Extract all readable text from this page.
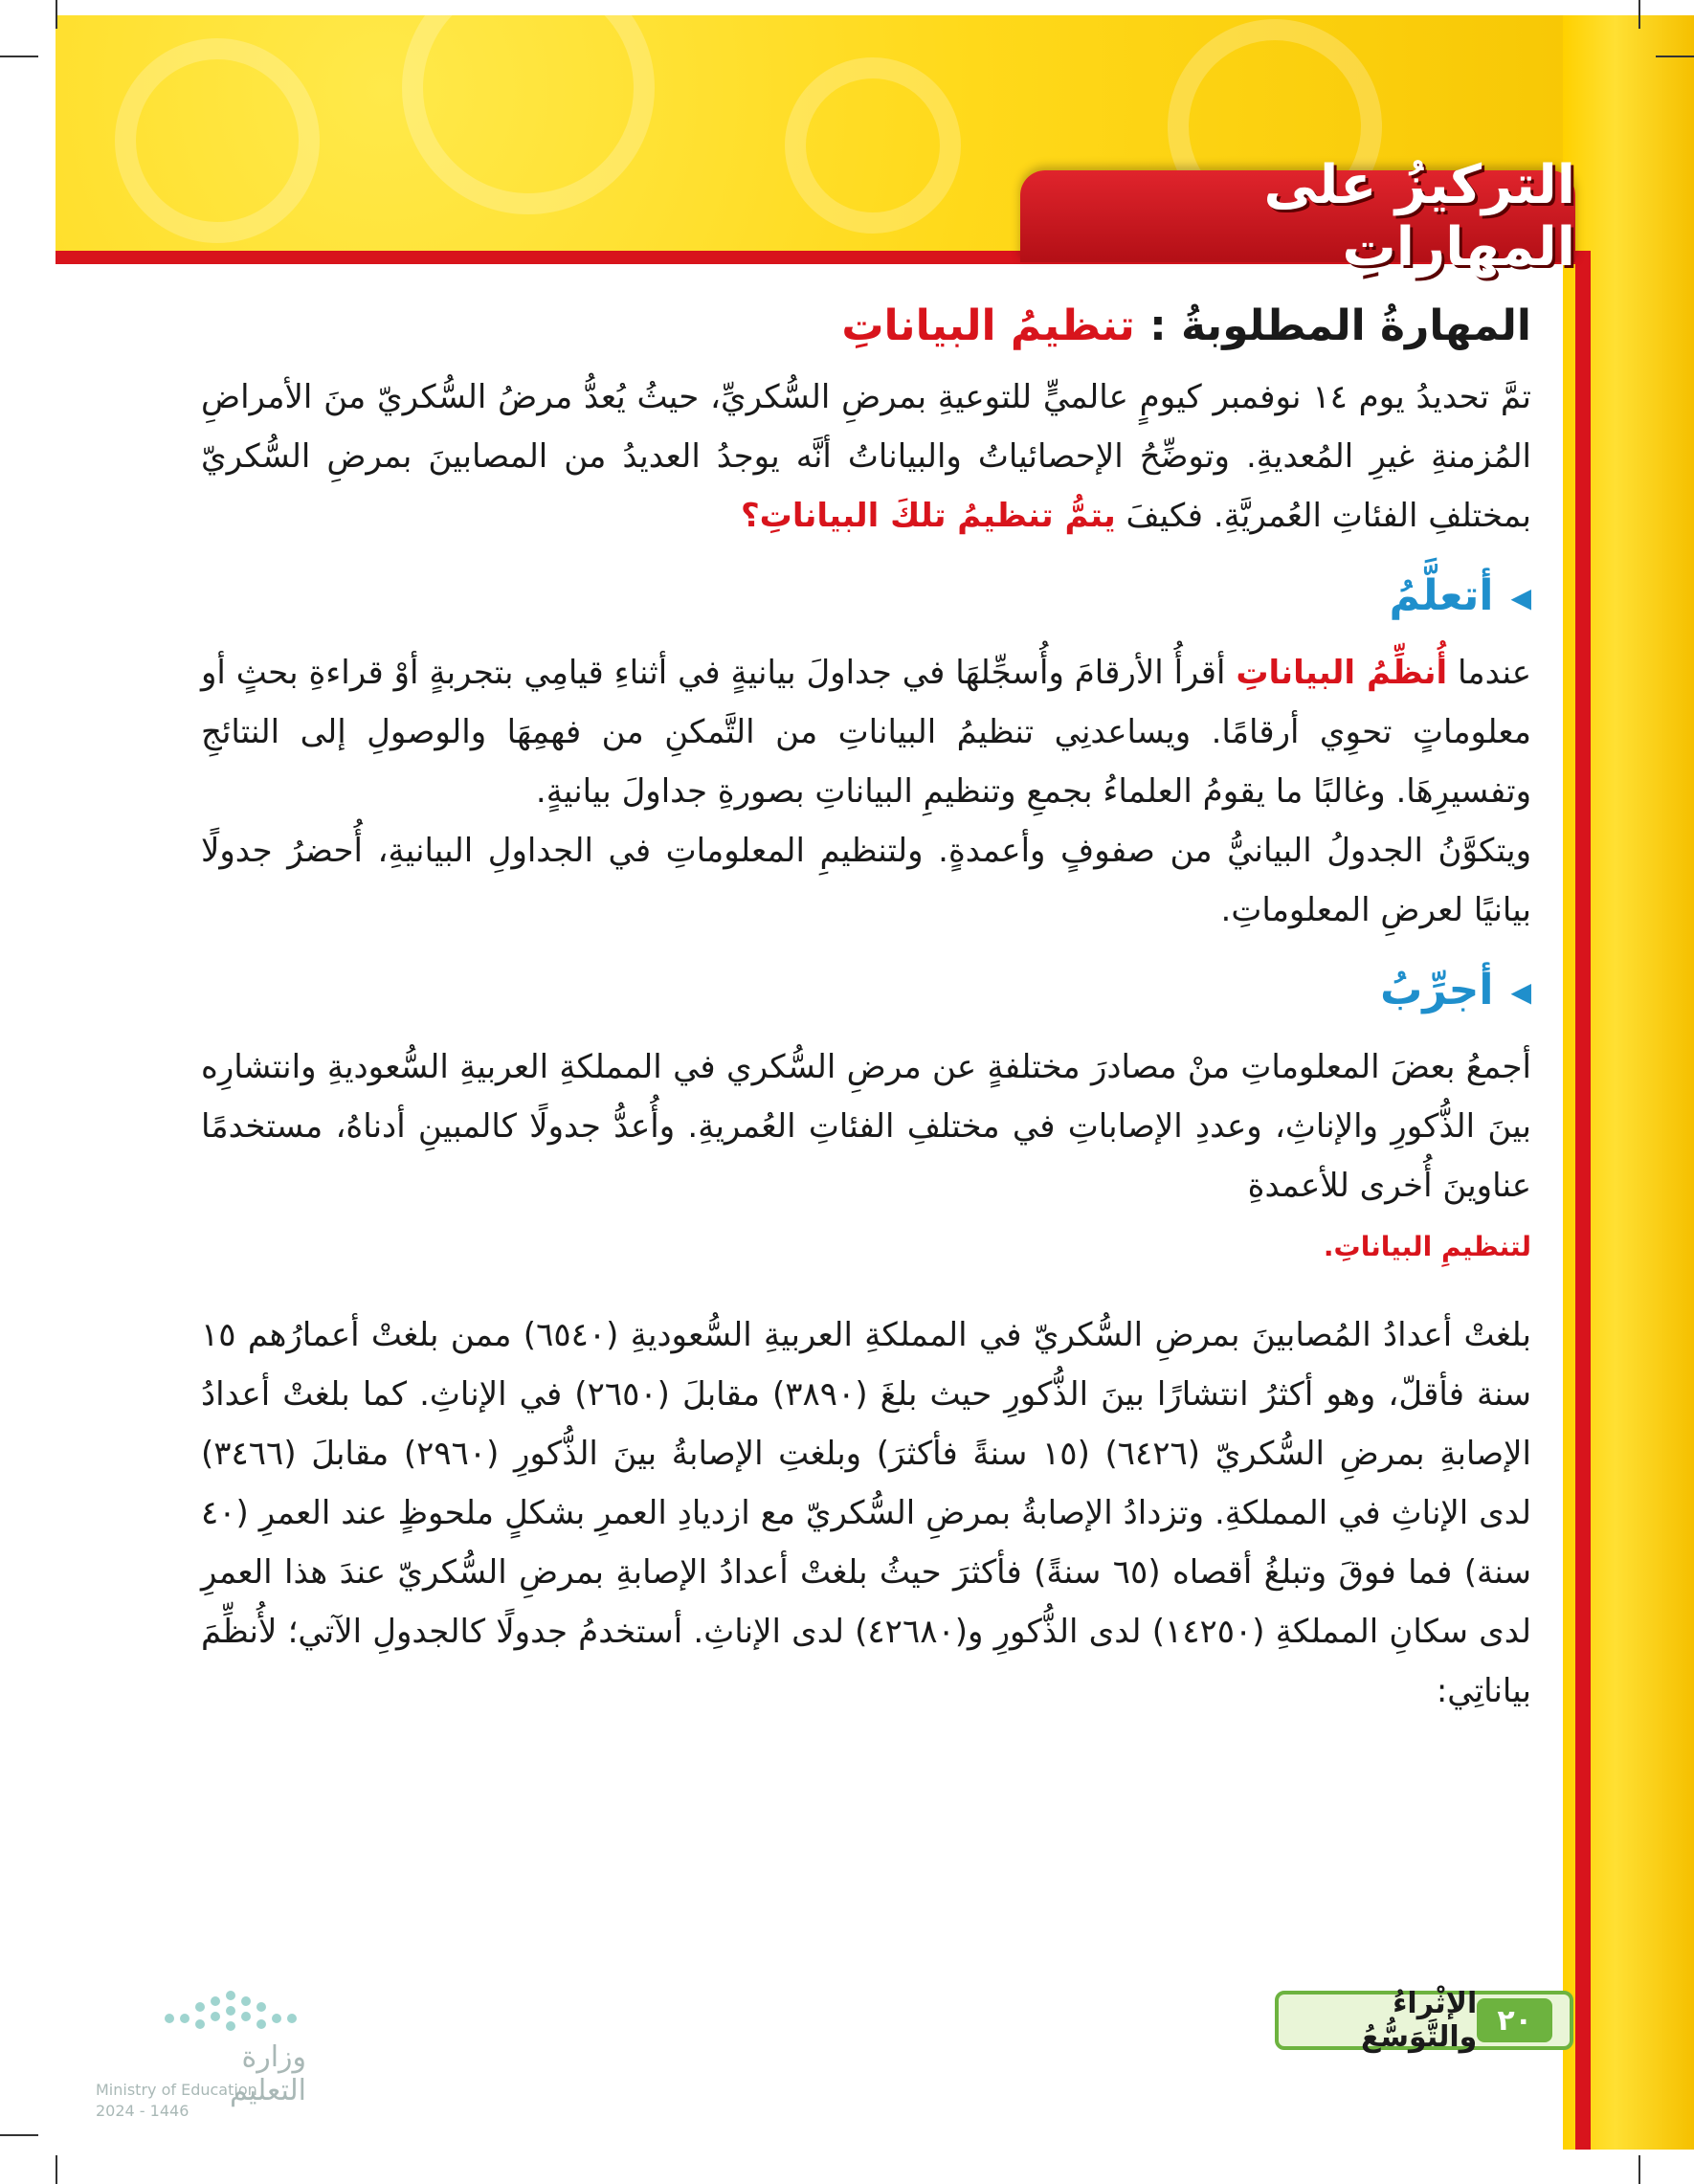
التركيزُ على المهاراتِ
المهارةُ المطلوبةُ : تنظيمُ البياناتِ

تمَّ تحديدُ يوم ١٤ نوفمبر كيومٍ عالميٍّ للتوعيةِ بمرضِ السُّكريِّ، حيثُ يُعدُّ مرضُ السُّكريّ منَ الأمراضِ المُزمنةِ غيرِ المُعديةِ. وتوضِّحُ الإحصائياتُ والبياناتُ أنَّه يوجدُ العديدُ من المصابينَ بمرضِ السُّكريّ بمختلفِ الفئاتِ العُمريَّةِ. فكيفَ يتمُّ تنظيمُ تلكَ البياناتِ؟

◀أتعلَّمُ

عندما أُنظِّمُ البياناتِ أقرأُ الأرقامَ وأُسجِّلهَا في جداولَ بيانيةٍ في أثناءِ قيامِي بتجربةٍ أوْ قراءةِ بحثٍ أو معلوماتٍ تحوِي أرقامًا. ويساعدنِي تنظيمُ البياناتِ من التَّمكنِ من فهمِهَا والوصولِ إلى النتائجِ وتفسيرِهَا. وغالبًا ما يقومُ العلماءُ بجمعِ وتنظيمِ البياناتِ بصورةِ جداولَ بيانيةٍ.

ويتكوَّنُ الجدولُ البيانيُّ من صفوفٍ وأعمدةٍ. ولتنظيمِ المعلوماتِ في الجداولِ البيانيةِ، أُحضرُ جدولًا بيانيًا لعرضِ المعلوماتِ.

◀أجرِّبُ

أجمعُ بعضَ المعلوماتِ منْ مصادرَ مختلفةٍ عن مرضِ السُّكري في المملكةِ العربيةِ السُّعوديةِ وانتشارِه بينَ الذُّكورِ والإناثِ، وعددِ الإصاباتِ في مختلفِ الفئاتِ العُمريةِ. وأُعدُّ جدولًا كالمبينِ أدناهُ، مستخدمًا عناوينَ أُخرى للأعمدةِ
لتنظيمِ البياناتِ.

بلغتْ أعدادُ المُصابينَ بمرضِ السُّكريّ في المملكةِ العربيةِ السُّعوديةِ (٦٥٤٠) ممن بلغتْ أعمارُهم ١٥ سنة فأقلّ، وهو أكثرُ انتشارًا بينَ الذُّكورِ حيث بلغَ (٣٨٩٠) مقابلَ (٢٦٥٠) في الإناثِ. كما بلغتْ أعدادُ الإصابةِ بمرضِ السُّكريّ (٦٤٢٦) (١٥ سنةً فأكثرَ) وبلغتِ الإصابةُ بينَ الذُّكورِ (٢٩٦٠) مقابلَ (٣٤٦٦) لدى الإناثِ في المملكةِ. وتزدادُ الإصابةُ بمرضِ السُّكريّ مع ازديادِ العمرِ بشكلٍ ملحوظٍ عند العمرِ (٤٠ سنة) فما فوقَ وتبلغُ أقصاه (٦٥ سنةً) فأكثرَ حيثُ بلغتْ أعدادُ الإصابةِ بمرضِ السُّكريّ عندَ هذا العمرِ لدى سكانِ المملكةِ (١٤٢٥٠) لدى الذُّكورِ و(٤٢٦٨٠) لدى الإناثِ. أستخدمُ جدولًا كالجدولِ الآتي؛ لأُنظِّمَ بياناتِي:

٢٠
الإثْراءُ والتَّوَسُّعُ
وزارة التعليم
Ministry of Education
2024 - 1446
